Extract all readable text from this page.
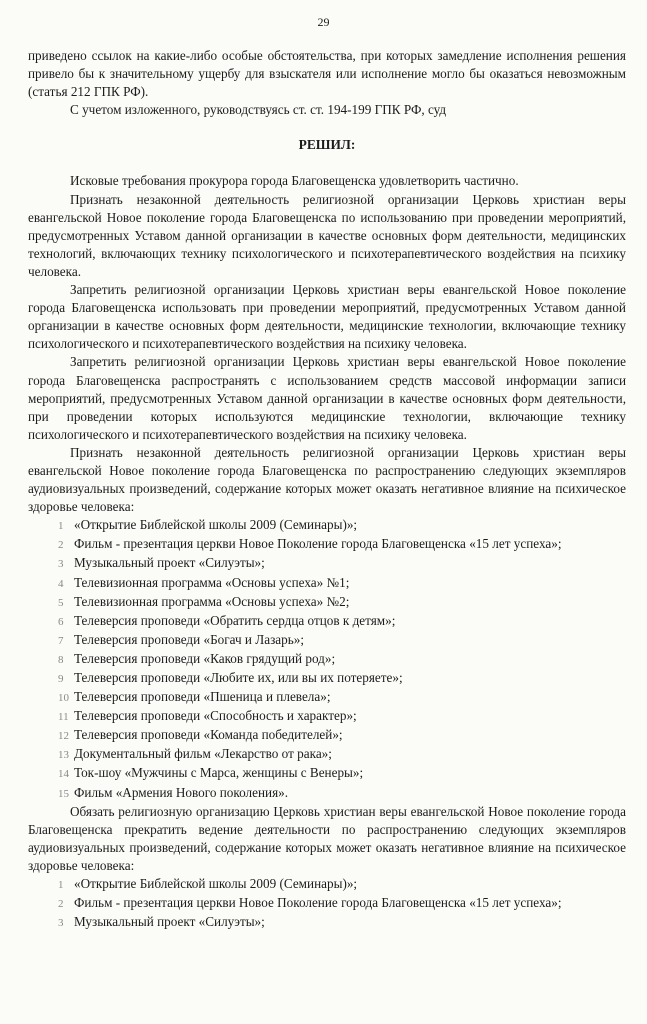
29

приведено ссылок на какие-либо особые обстоятельства, при которых замедление исполнения решения привело бы к значительному ущербу для взыскателя или исполнение могло бы оказаться невозможным (статья 212 ГПК РФ).

С учетом изложенного, руководствуясь ст. ст. 194-199 ГПК РФ, суд

РЕШИЛ:

Исковые требования прокурора города Благовещенска удовлетворить частично.

Признать незаконной деятельность религиозной организации Церковь христиан веры евангельской Новое поколение города Благовещенска по использованию при проведении мероприятий, предусмотренных Уставом данной организации в качестве основных форм деятельности, медицинских технологий, включающих технику психологического и психотерапевтического воздействия на психику человека.

Запретить религиозной организации Церковь христиан веры евангельской Новое поколение города Благовещенска использовать при проведении мероприятий, предусмотренных Уставом данной организации в качестве основных форм деятельности, медицинские технологии, включающие технику психологического и психотерапевтического воздействия на психику человека.

Запретить религиозной организации Церковь христиан веры евангельской Новое поколение города Благовещенска распространять с использованием средств массовой информации записи мероприятий, предусмотренных Уставом данной организации в качестве основных форм деятельности, при проведении которых используются медицинские технологии, включающие технику психологического и психотерапевтического воздействия на психику человека.

Признать незаконной деятельность религиозной организации Церковь христиан веры евангельской Новое поколение города Благовещенска по распространению следующих экземпляров аудиовизуальных произведений, содержание которых может оказать негативное влияние на психическое здоровье человека:

1 «Открытие Библейской школы 2009 (Семинары)»;
2 Фильм - презентация церкви Новое Поколение города Благовещенска «15 лет успеха»;
3 Музыкальный проект «Силуэты»;
4 Телевизионная программа «Основы успеха» №1;
5 Телевизионная программа «Основы успеха» №2;
6 Телеверсия проповеди «Обратить сердца отцов к детям»;
7 Телеверсия проповеди «Богач и Лазарь»;
8 Телеверсия проповеди «Каков грядущий род»;
9 Телеверсия проповеди «Любите их, или вы их потеряете»;
10 Телеверсия проповеди «Пшеница и плевела»;
11 Телеверсия проповеди «Способность и характер»;
12 Телеверсия проповеди «Команда победителей»;
13 Документальный фильм «Лекарство от рака»;
14 Ток-шоу «Мужчины с Марса, женщины с Венеры»;
15 Фильм «Армения Нового поколения».

Обязать религиозную организацию Церковь христиан веры евангельской Новое поколение города Благовещенска прекратить ведение деятельности по распространению следующих экземпляров аудиовизуальных произведений, содержание которых может оказать негативное влияние на психическое здоровье человека:

1 «Открытие Библейской школы 2009 (Семинары)»;
2 Фильм - презентация церкви Новое Поколение города Благовещенска «15 лет успеха»;
3 Музыкальный проект «Силуэты»;
